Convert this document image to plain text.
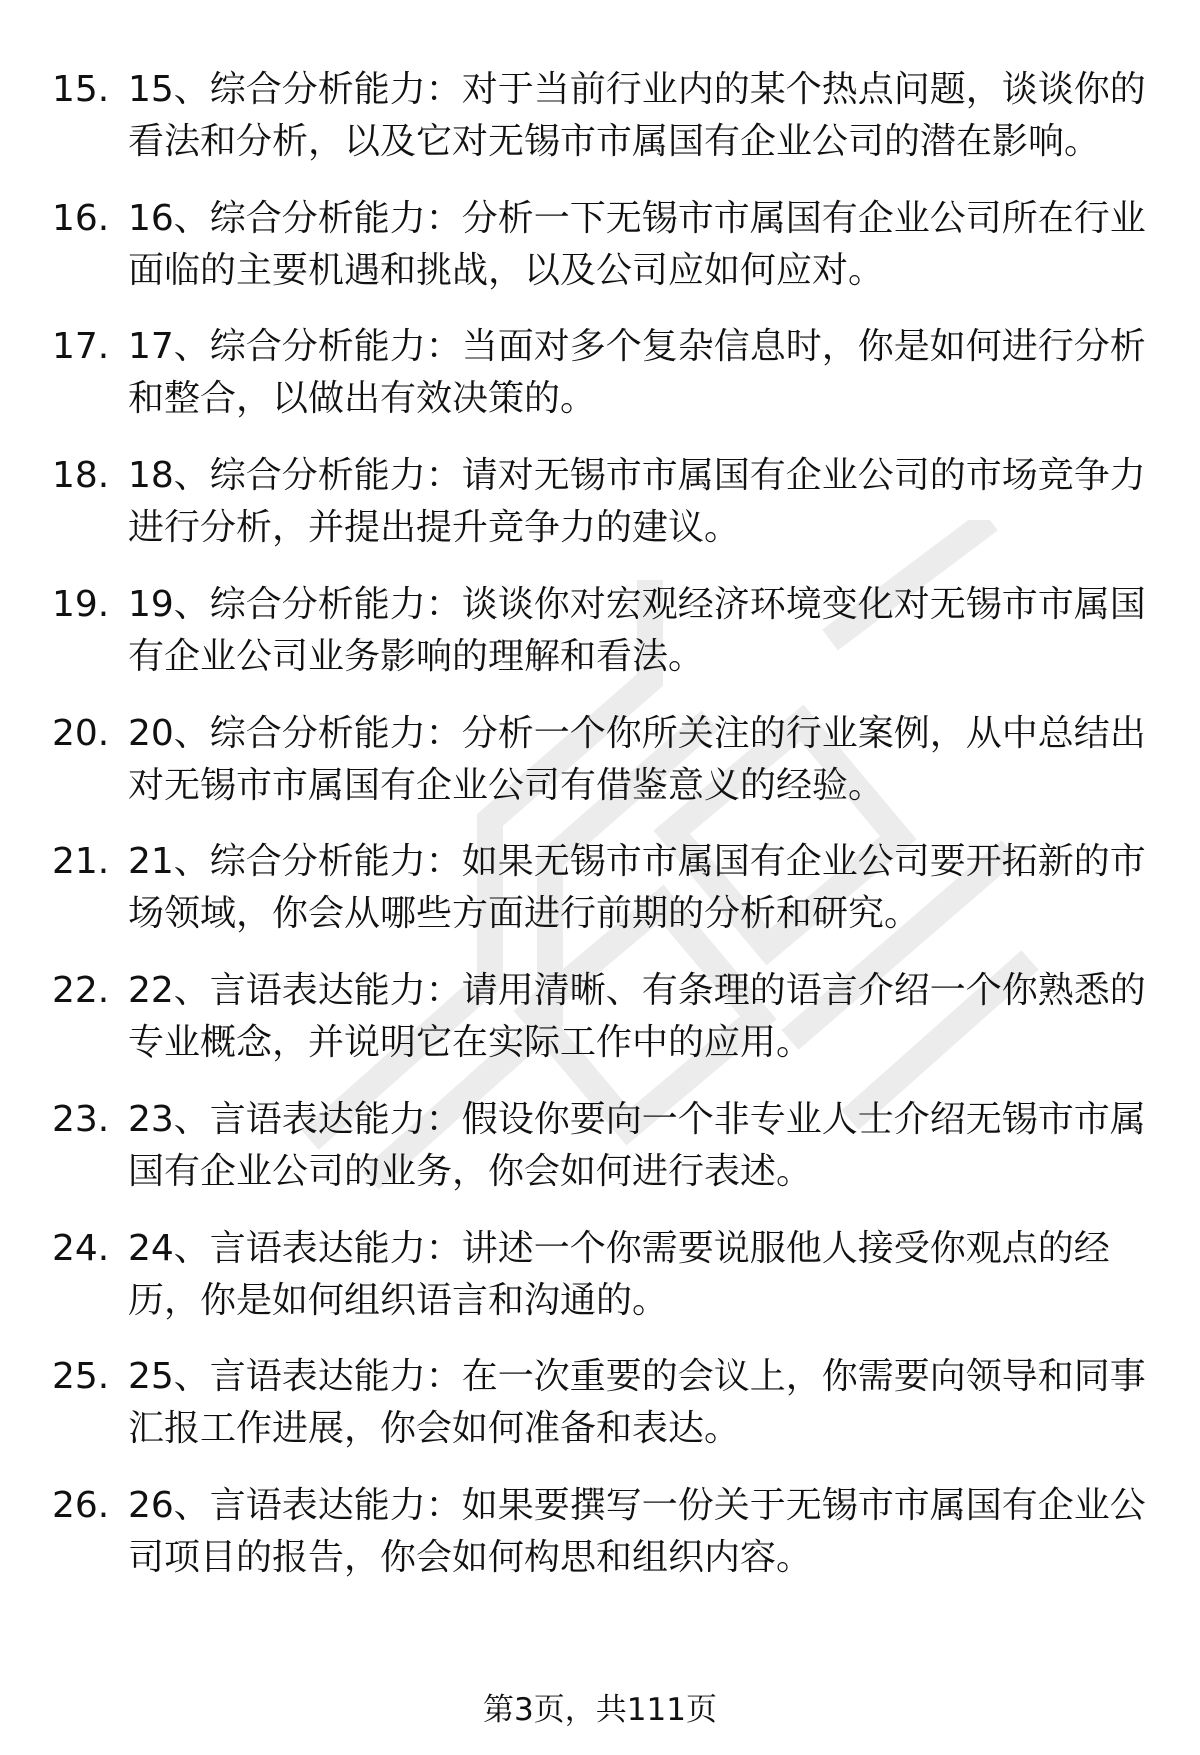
15. 15、综合分析能力：对于当前行业内的某个热点问题，谈谈你的
看法和分析，以及它对无锡市市属国有企业公司的潜在影响。
16. 16、综合分析能力：分析一下无锡市市属国有企业公司所在行业
面临的主要机遇和挑战，以及公司应如何应对。
17. 17、综合分析能力：当面对多个复杂信息时，你是如何进行分析
和整合，以做出有效决策的。
18. 18、综合分析能力：请对无锡市市属国有企业公司的市场竞争力
进行分析，并提出提升竞争力的建议。
19. 19、综合分析能力：谈谈你对宏观经济环境变化对无锡市市属国
有企业公司业务影响的理解和看法。
20. 20、综合分析能力：分析一个你所关注的行业案例，从中总结出
对无锡市市属国有企业公司有借鉴意义的经验。
21. 21、综合分析能力：如果无锡市市属国有企业公司要开拓新的市
场领域，你会从哪些方面进行前期的分析和研究。
22. 22、言语表达能力：请用清晰、有条理的语言介绍一个你熟悉的
专业概念，并说明它在实际工作中的应用。
23. 23、言语表达能力：假设你要向一个非专业人士介绍无锡市市属
国有企业公司的业务，你会如何进行表述。
24. 24、言语表达能力：讲述一个你需要说服他人接受你观点的经
历，你是如何组织语言和沟通的。
25. 25、言语表达能力：在一次重要的会议上，你需要向领导和同事
汇报工作进展，你会如何准备和表达。
26. 26、言语表达能力：如果要撰写一份关于无锡市市属国有企业公
司项目的报告，你会如何构思和组织内容。
第3页，共111页
